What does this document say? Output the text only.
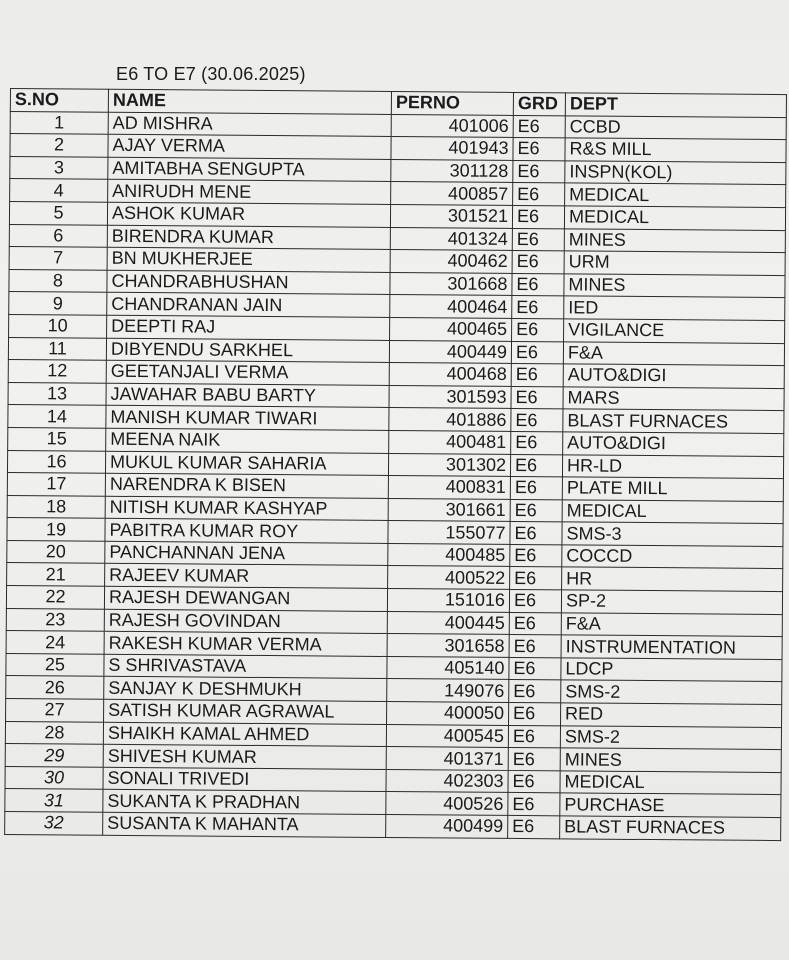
E6 TO E7 (30.06.2025)
S.NO	NAME	PERNO	GRD	DEPT
1	AD MISHRA	401006	E6	CCBD
2	AJAY VERMA	401943	E6	R&S MILL
3	AMITABHA SENGUPTA	301128	E6	INSPN(KOL)
4	ANIRUDH MENE	400857	E6	MEDICAL
5	ASHOK KUMAR	301521	E6	MEDICAL
6	BIRENDRA KUMAR	401324	E6	MINES
7	BN MUKHERJEE	400462	E6	URM
8	CHANDRABHUSHAN	301668	E6	MINES
9	CHANDRANAN JAIN	400464	E6	IED
10	DEEPTI RAJ	400465	E6	VIGILANCE
11	DIBYENDU SARKHEL	400449	E6	F&A
12	GEETANJALI VERMA	400468	E6	AUTO&DIGI
13	JAWAHAR BABU BARTY	301593	E6	MARS
14	MANISH KUMAR TIWARI	401886	E6	BLAST FURNACES
15	MEENA NAIK	400481	E6	AUTO&DIGI
16	MUKUL KUMAR SAHARIA	301302	E6	HR-LD
17	NARENDRA K BISEN	400831	E6	PLATE MILL
18	NITISH KUMAR KASHYAP	301661	E6	MEDICAL
19	PABITRA KUMAR ROY	155077	E6	SMS-3
20	PANCHANNAN JENA	400485	E6	COCCD
21	RAJEEV KUMAR	400522	E6	HR
22	RAJESH DEWANGAN	151016	E6	SP-2
23	RAJESH GOVINDAN	400445	E6	F&A
24	RAKESH KUMAR VERMA	301658	E6	INSTRUMENTATION
25	S SHRIVASTAVA	405140	E6	LDCP
26	SANJAY K DESHMUKH	149076	E6	SMS-2
27	SATISH KUMAR AGRAWAL	400050	E6	RED
28	SHAIKH KAMAL AHMED	400545	E6	SMS-2
29	SHIVESH KUMAR	401371	E6	MINES
30	SONALI TRIVEDI	402303	E6	MEDICAL
31	SUKANTA K PRADHAN	400526	E6	PURCHASE
32	SUSANTA K MAHANTA	400499	E6	BLAST FURNACES
